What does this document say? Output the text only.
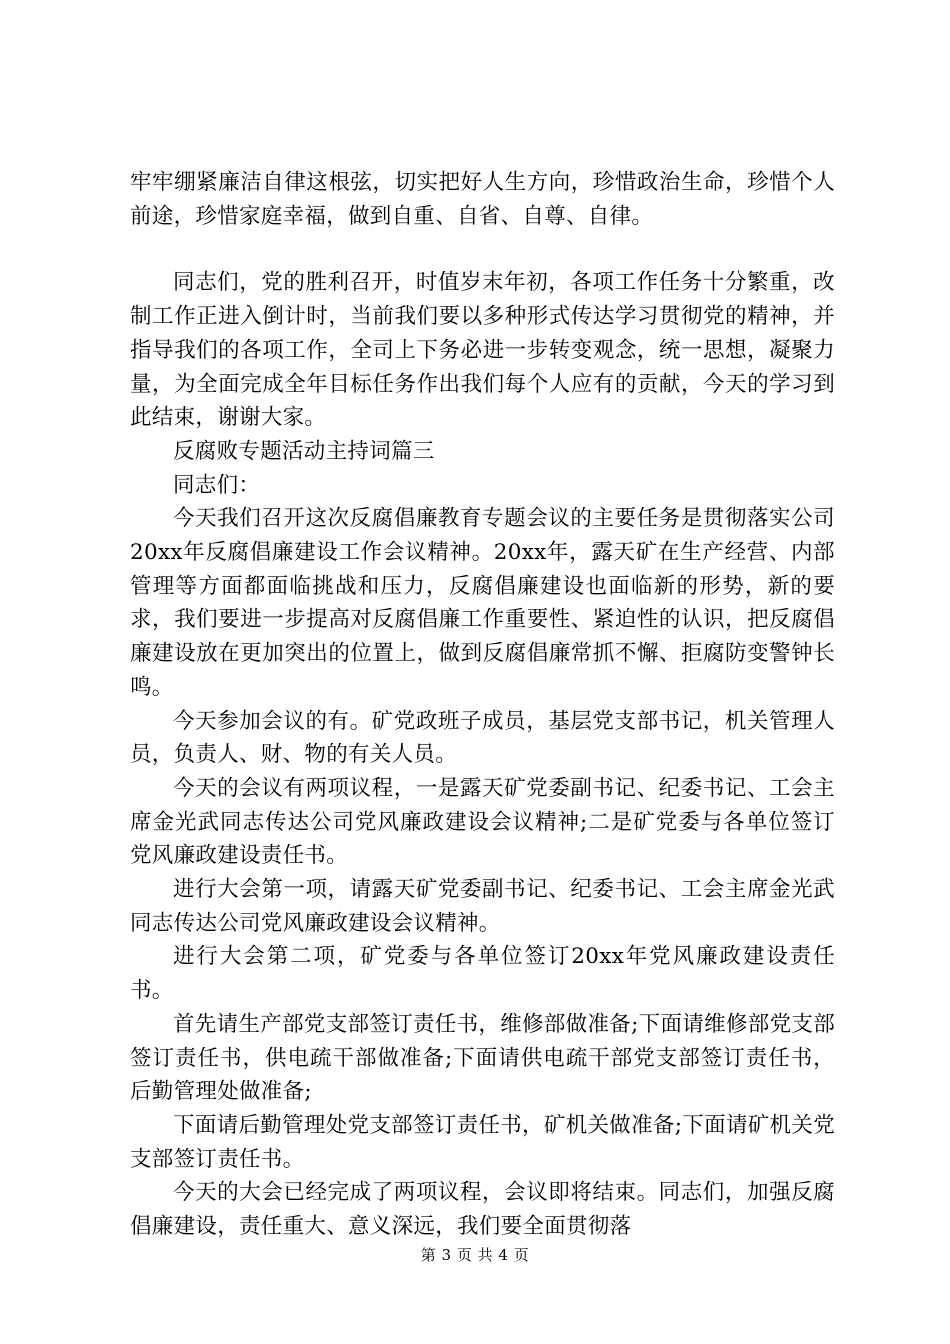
牢牢绷紧廉洁自律这根弦，切实把好人生方向，珍惜政治生命，珍惜个人前途，珍惜家庭幸福，做到自重、自省、自尊、自律。

同志们，党的胜利召开，时值岁末年初，各项工作任务十分繁重，改制工作正进入倒计时，当前我们要以多种形式传达学习贯彻党的精神，并指导我们的各项工作，全司上下务必进一步转变观念，统一思想，凝聚力量，为全面完成全年目标任务作出我们每个人应有的贡献，今天的学习到此结束，谢谢大家。

反腐败专题活动主持词篇三

同志们：

今天我们召开这次反腐倡廉教育专题会议的主要任务是贯彻落实公司20xx年反腐倡廉建设工作会议精神。20xx年，露天矿在生产经营、内部管理等方面都面临挑战和压力，反腐倡廉建设也面临新的形势，新的要求，我们要进一步提高对反腐倡廉工作重要性、紧迫性的认识，把反腐倡廉建设放在更加突出的位置上，做到反腐倡廉常抓不懈、拒腐防变警钟长鸣。

今天参加会议的有。矿党政班子成员，基层党支部书记，机关管理人员，负责人、财、物的有关人员。

今天的会议有两项议程，一是露天矿党委副书记、纪委书记、工会主席金光武同志传达公司党风廉政建设会议精神;二是矿党委与各单位签订党风廉政建设责任书。

进行大会第一项，请露天矿党委副书记、纪委书记、工会主席金光武同志传达公司党风廉政建设会议精神。

进行大会第二项，矿党委与各单位签订20xx年党风廉政建设责任书。

首先请生产部党支部签订责任书，维修部做准备;下面请维修部党支部签订责任书，供电疏干部做准备;下面请供电疏干部党支部签订责任书，后勤管理处做准备;

下面请后勤管理处党支部签订责任书，矿机关做准备;下面请矿机关党支部签订责任书。

今天的大会已经完成了两项议程，会议即将结束。同志们，加强反腐倡廉建设，责任重大、意义深远，我们要全面贯彻落

第 3 页 共 4 页
